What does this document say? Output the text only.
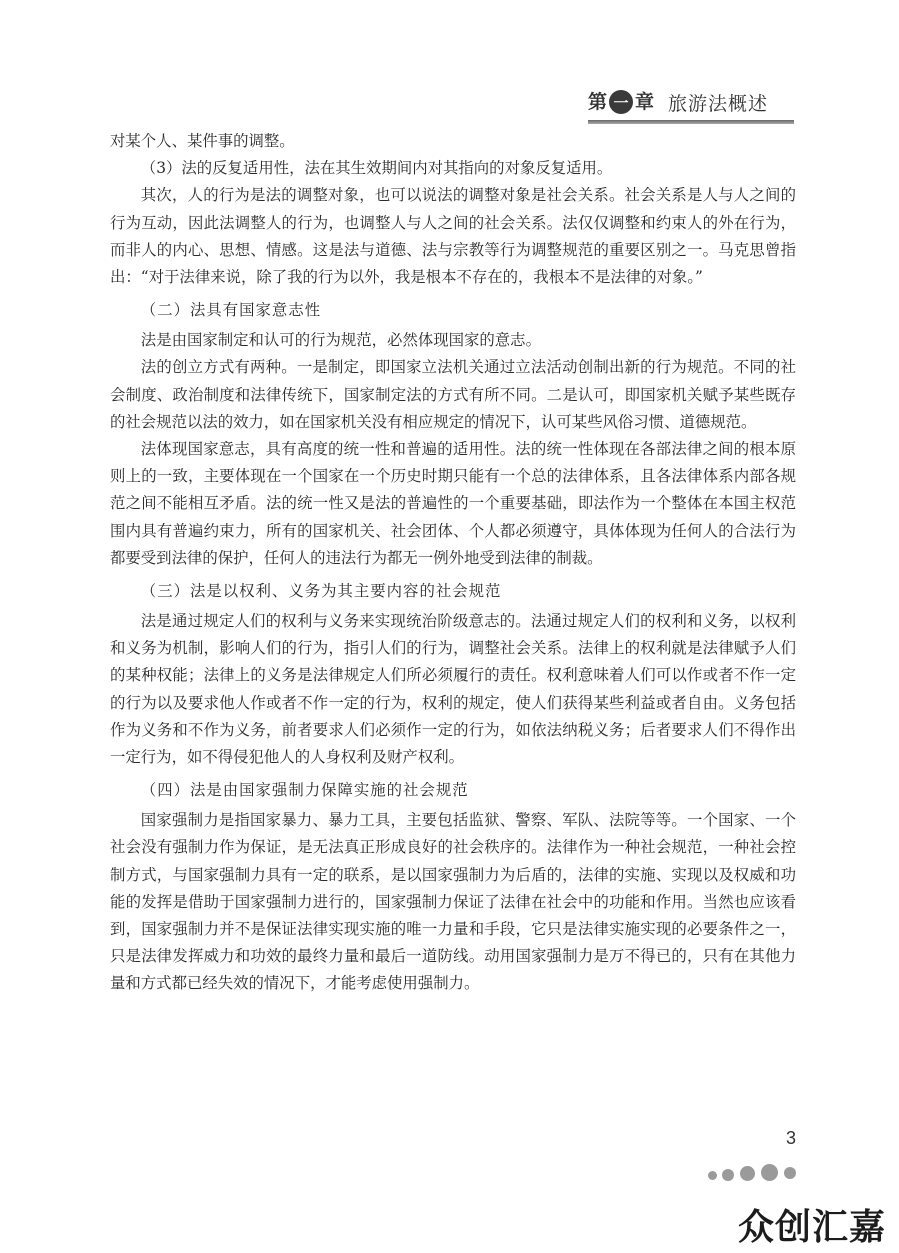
第 一 章 旅游法概述

对某个人、某件事的调整。

（3）法的反复适用性，法在其生效期间内对其指向的对象反复适用。

其次，人的行为是法的调整对象，也可以说法的调整对象是社会关系。社会关系是人与人之间的行为互动，因此法调整人的行为，也调整人与人之间的社会关系。法仅仅调整和约束人的外在行为，而非人的内心、思想、情感。这是法与道德、法与宗教等行为调整规范的重要区别之一。马克思曾指出：“对于法律来说，除了我的行为以外，我是根本不存在的，我根本不是法律的对象。”

（二）法具有国家意志性

法是由国家制定和认可的行为规范，必然体现国家的意志。

法的创立方式有两种。一是制定，即国家立法机关通过立法活动创制出新的行为规范。不同的社会制度、政治制度和法律传统下，国家制定法的方式有所不同。二是认可，即国家机关赋予某些既存的社会规范以法的效力，如在国家机关没有相应规定的情况下，认可某些风俗习惯、道德规范。

法体现国家意志，具有高度的统一性和普遍的适用性。法的统一性体现在各部法律之间的根本原则上的一致，主要体现在一个国家在一个历史时期只能有一个总的法律体系，且各法律体系内部各规范之间不能相互矛盾。法的统一性又是法的普遍性的一个重要基础，即法作为一个整体在本国主权范围内具有普遍约束力，所有的国家机关、社会团体、个人都必须遵守，具体体现为任何人的合法行为都要受到法律的保护，任何人的违法行为都无一例外地受到法律的制裁。

（三）法是以权利、义务为其主要内容的社会规范

法是通过规定人们的权利与义务来实现统治阶级意志的。法通过规定人们的权利和义务，以权利和义务为机制，影响人们的行为，指引人们的行为，调整社会关系。法律上的权利就是法律赋予人们的某种权能；法律上的义务是法律规定人们所必须履行的责任。权利意味着人们可以作或者不作一定的行为以及要求他人作或者不作一定的行为，权利的规定，使人们获得某些利益或者自由。义务包括作为义务和不作为义务，前者要求人们必须作一定的行为，如依法纳税义务；后者要求人们不得作出一定行为，如不得侵犯他人的人身权利及财产权利。

（四）法是由国家强制力保障实施的社会规范

国家强制力是指国家暴力、暴力工具，主要包括监狱、警察、军队、法院等等。一个国家、一个社会没有强制力作为保证，是无法真正形成良好的社会秩序的。法律作为一种社会规范，一种社会控制方式，与国家强制力具有一定的联系，是以国家强制力为后盾的，法律的实施、实现以及权威和功能的发挥是借助于国家强制力进行的，国家强制力保证了法律在社会中的功能和作用。当然也应该看到，国家强制力并不是保证法律实现实施的唯一力量和手段，它只是法律实施实现的必要条件之一，只是法律发挥威力和功效的最终力量和最后一道防线。动用国家强制力是万不得已的，只有在其他力量和方式都已经失效的情况下，才能考虑使用强制力。

3
众创汇嘉
